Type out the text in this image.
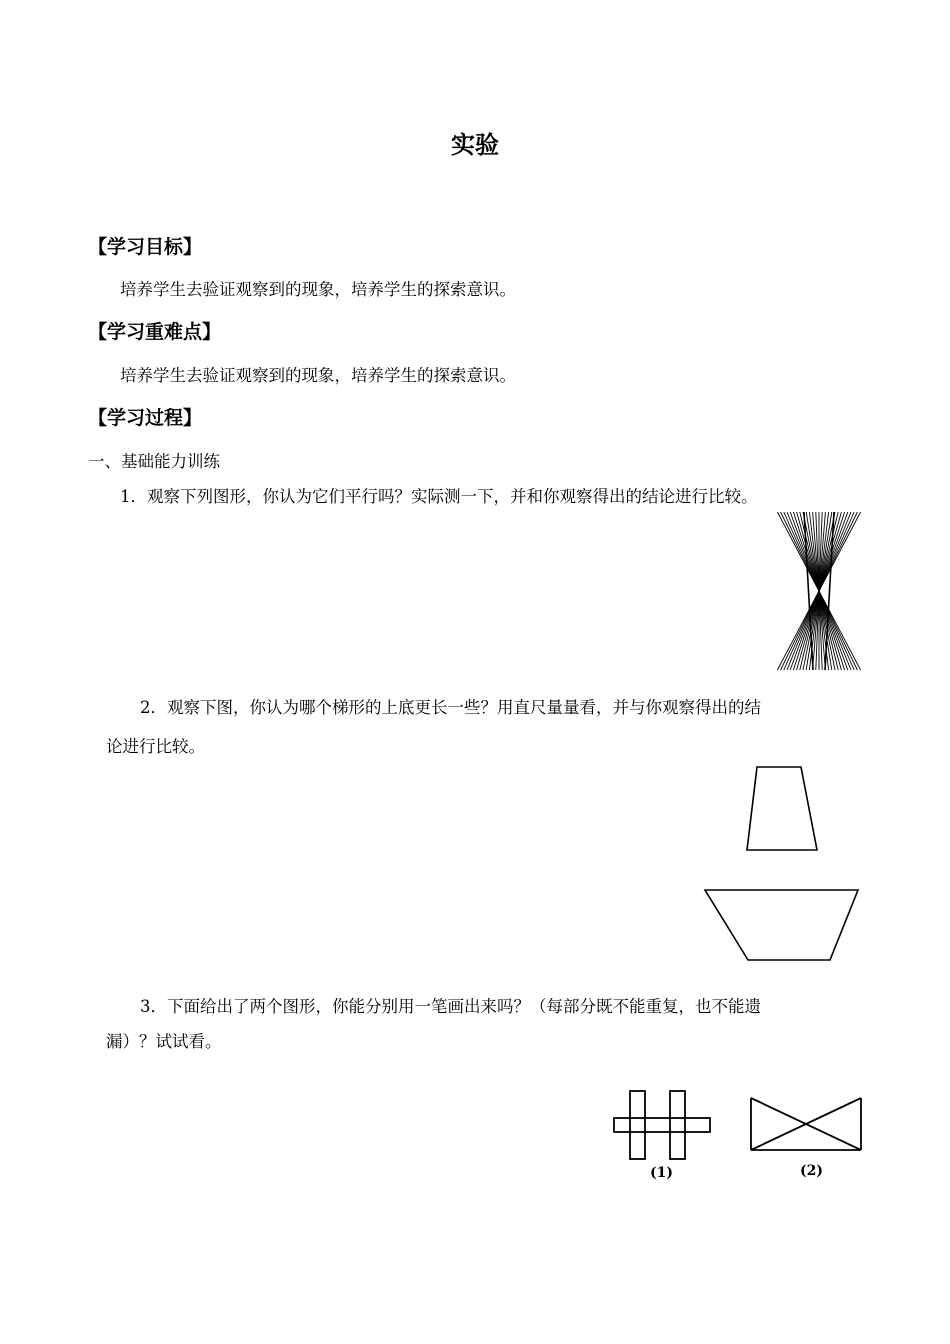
实验
【学习目标】
培养学生去验证观察到的现象，培养学生的探索意识。
【学习重难点】
培养学生去验证观察到的现象，培养学生的探索意识。
【学习过程】
一、基础能力训练
1．观察下列图形，你认为它们平行吗？实际测一下，并和你观察得出的结论进行比较。
2．观察下图，你认为哪个梯形的上底更长一些？用直尺量量看，并与你观察得出的结
论进行比较。
3．下面给出了两个图形，你能分别用一笔画出来吗？（每部分既不能重复，也不能遗
漏）？试试看。
(1)	(2)
